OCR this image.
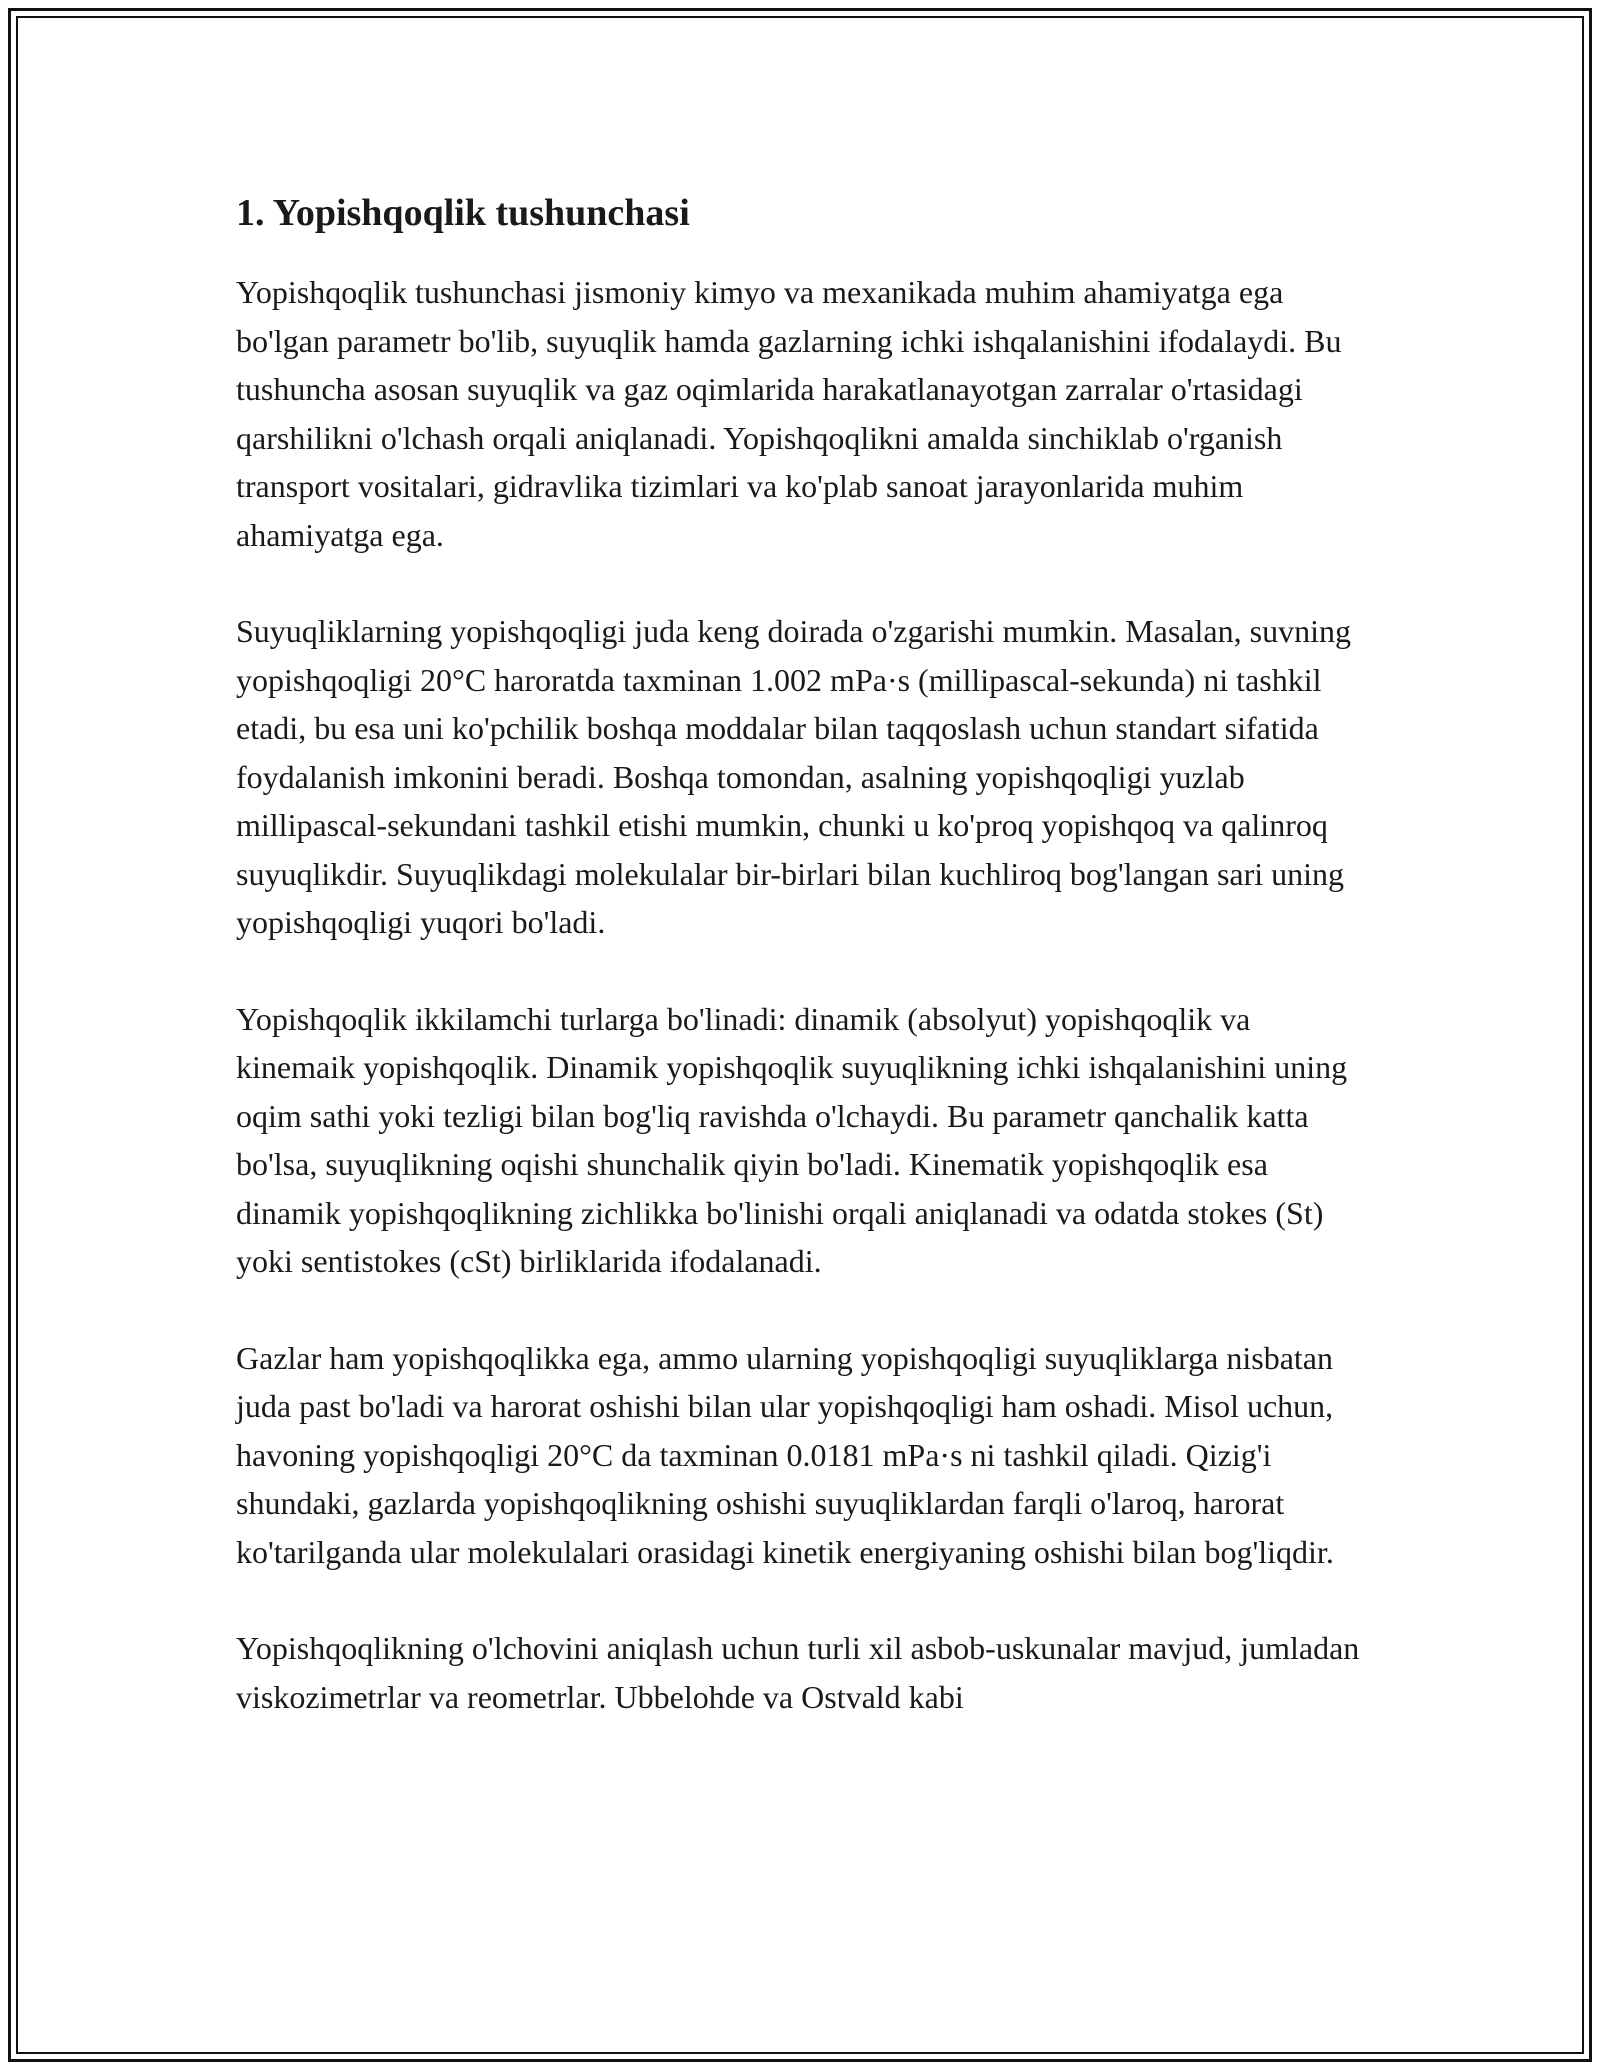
1. Yopishqoqlik tushunchasi

Yopishqoqlik tushunchasi jismoniy kimyo va mexanikada muhim ahamiyatga ega bo'lgan parametr bo'lib, suyuqlik hamda gazlarning ichki ishqalanishini ifodalaydi. Bu tushuncha asosan suyuqlik va gaz oqimlarida harakatlanayotgan zarralar o'rtasidagi qarshilikni o'lchash orqali aniqlanadi. Yopishqoqlikni amalda sinchiklab o'rganish transport vositalari, gidravlika tizimlari va ko'plab sanoat jarayonlarida muhim ahamiyatga ega.

Suyuqliklarning yopishqoqligi juda keng doirada o'zgarishi mumkin. Masalan, suvning yopishqoqligi 20°C haroratda taxminan 1.002 mPa·s (millipascal-sekunda) ni tashkil etadi, bu esa uni ko'pchilik boshqa moddalar bilan taqqoslash uchun standart sifatida foydalanish imkonini beradi. Boshqa tomondan, asalning yopishqoqligi yuzlab millipascal-sekundani tashkil etishi mumkin, chunki u ko'proq yopishqoq va qalinroq suyuqlikdir. Suyuqlikdagi molekulalar bir-birlari bilan kuchliroq bog'langan sari uning yopishqoqligi yuqori bo'ladi.

Yopishqoqlik ikkilamchi turlarga bo'linadi: dinamik (absolyut) yopishqoqlik va kinemaik yopishqoqlik. Dinamik yopishqoqlik suyuqlikning ichki ishqalanishini uning oqim sathi yoki tezligi bilan bog'liq ravishda o'lchaydi. Bu parametr qanchalik katta bo'lsa, suyuqlikning oqishi shunchalik qiyin bo'ladi. Kinematik yopishqoqlik esa dinamik yopishqoqlikning zichlikka bo'linishi orqali aniqlanadi va odatda stokes (St) yoki sentistokes (cSt) birliklarida ifodalanadi.

Gazlar ham yopishqoqlikka ega, ammo ularning yopishqoqligi suyuqliklarga nisbatan juda past bo'ladi va harorat oshishi bilan ular yopishqoqligi ham oshadi. Misol uchun, havoning yopishqoqligi 20°C da taxminan 0.0181 mPa·s ni tashkil qiladi. Qizig'i shundaki, gazlarda yopishqoqlikning oshishi suyuqliklardan farqli o'laroq, harorat ko'tarilganda ular molekulalari orasidagi kinetik energiyaning oshishi bilan bog'liqdir.

Yopishqoqlikning o'lchovini aniqlash uchun turli xil asbob-uskunalar mavjud, jumladan viskozimetrlar va reometrlar. Ubbelohde va Ostvald kabi
